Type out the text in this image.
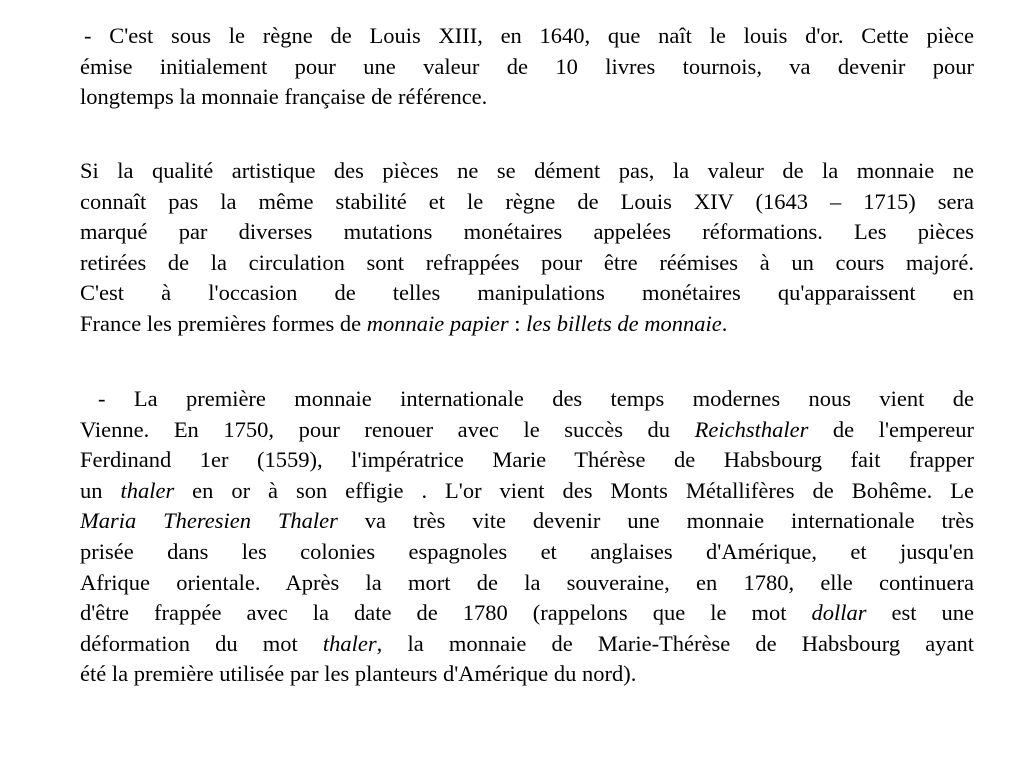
- C'est sous le règne de Louis XIII, en 1640, que naît le louis d'or. Cette pièce
émise initialement pour une valeur de 10 livres tournois, va devenir pour
longtemps la monnaie française de référence.
Si la qualité artistique des pièces ne se dément pas, la valeur de la monnaie ne
connaît pas la même stabilité et le règne de Louis XIV (1643 – 1715) sera
marqué par diverses mutations monétaires appelées réformations. Les pièces
retirées de la circulation sont refrappées pour être réémises à un cours majoré.
C'est à l'occasion de telles manipulations monétaires qu'apparaissent en
France les premières formes de monnaie papier : les billets de monnaie.
- La première monnaie internationale des temps modernes nous vient de
Vienne. En 1750, pour renouer avec le succès du Reichsthaler de l'empereur
Ferdinand 1er (1559), l'impératrice Marie Thérèse de Habsbourg fait frapper
un thaler en or à son effigie . L'or vient des Monts Métallifères de Bohême. Le
Maria Theresien Thaler va très vite devenir une monnaie internationale très
prisée dans les colonies espagnoles et anglaises d'Amérique, et jusqu'en
Afrique orientale. Après la mort de la souveraine, en 1780, elle continuera
d'être frappée avec la date de 1780 (rappelons que le mot dollar est une
déformation du mot thaler, la monnaie de Marie-Thérèse de Habsbourg ayant
été la première utilisée par les planteurs d'Amérique du nord).
